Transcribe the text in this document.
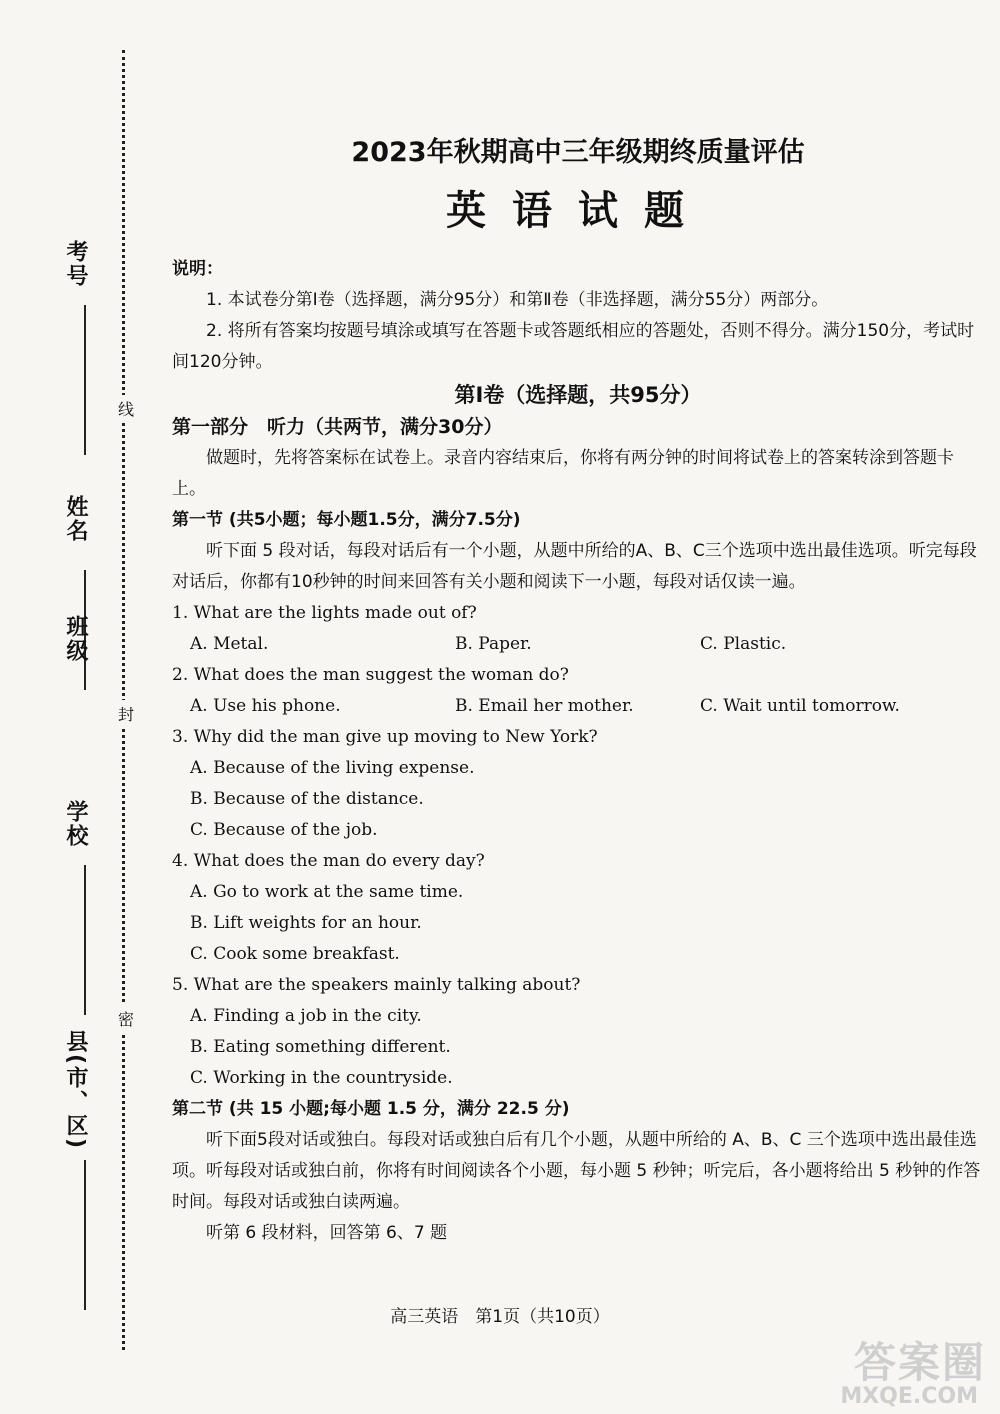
考号
姓名
班级
学校
县(市、区)
线
封
密
2023年秋期高中三年级期终质量评估
英语试题

说明：

1. 本试卷分第Ⅰ卷（选择题，满分95分）和第Ⅱ卷（非选择题，满分55分）两部分。

2. 将所有答案均按题号填涂或填写在答题卡或答题纸相应的答题处，否则不得分。满分150分，考试时间120分钟。

第Ⅰ卷（选择题，共95分）

第一部分　听力（共两节，满分30分）

做题时，先将答案标在试卷上。录音内容结束后，你将有两分钟的时间将试卷上的答案转涂到答题卡上。

第一节 (共5小题；每小题1.5分，满分7.5分)

听下面 5 段对话，每段对话后有一个小题，从题中所给的A、B、C三个选项中选出最佳选项。听完每段对话后，你都有10秒钟的时间来回答有关小题和阅读下一小题，每段对话仅读一遍。

1. What are the lights made out of?

A. Metal.	B. Paper.	C. Plastic.

2. What does the man suggest the woman do?

A. Use his phone.	B. Email her mother.	C. Wait until tomorrow.

3. Why did the man give up moving to New York?

A. Because of the living expense.

B. Because of the distance.

C. Because of the job.

4. What does the man do every day?

A. Go to work at the same time.

B. Lift weights for an hour.

C. Cook some breakfast.

5. What are the speakers mainly talking about?

A. Finding a job in the city.

B. Eating something different.

C. Working in the countryside.

第二节 (共 15 小题;每小题 1.5 分，满分 22.5 分)

听下面5段对话或独白。每段对话或独白后有几个小题，从题中所给的 A、B、C 三个选项中选出最佳选项。听每段对话或独白前，你将有时间阅读各个小题，每小题 5 秒钟；听完后，各小题将给出 5 秒钟的作答时间。每段对话或独白读两遍。

听第 6 段材料，回答第 6、7 题

高三英语　第1页（共10页）
答案圈
MXQE.COM
